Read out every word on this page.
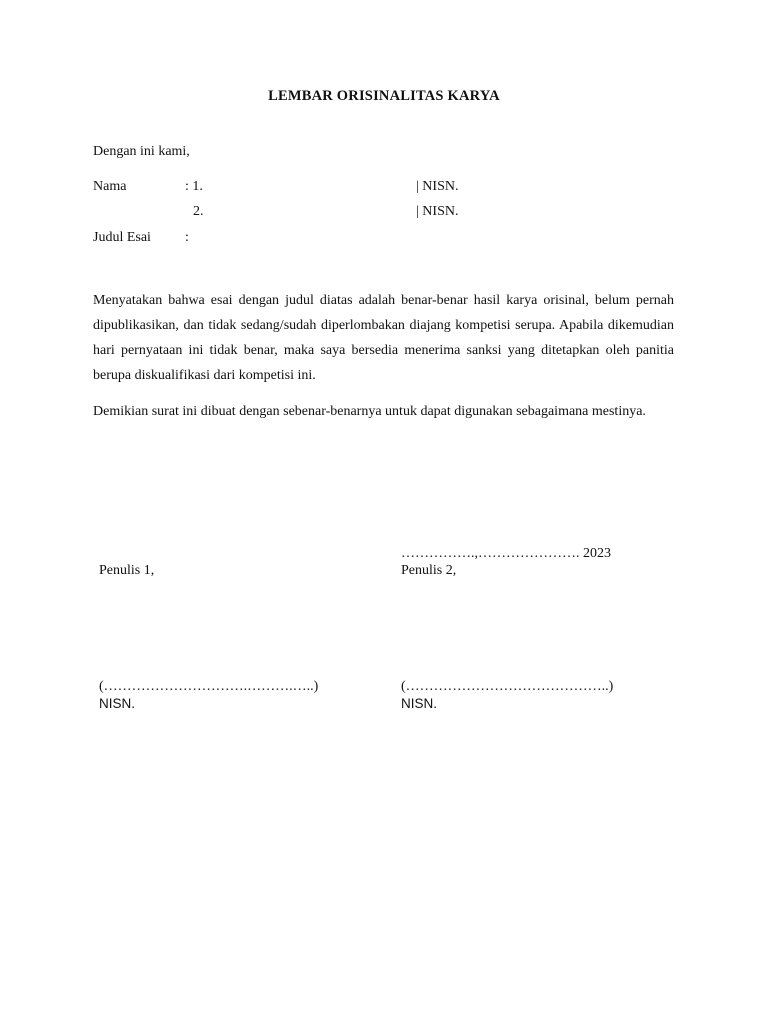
LEMBAR ORISINALITAS KARYA
Dengan ini kami,
Nama	: 1.	| NISN.
2.	| NISN.
Judul Esai :
Menyatakan bahwa esai dengan judul diatas adalah benar-benar hasil karya orisinal, belum pernah dipublikasikan, dan tidak sedang/sudah diperlombakan diajang kompetisi serupa. Apabila dikemudian hari pernyataan ini tidak benar, maka saya bersedia menerima sanksi yang ditetapkan oleh panitia berupa diskualifikasi dari kompetisi ini.
Demikian surat ini dibuat dengan sebenar-benarnya untuk dapat digunakan sebagaimana mestinya.
…………….,…………………. 2023
Penulis 1,	Penulis 2,
(………………………….……….…..)	(……………………………………..)
NISN.	NISN.
